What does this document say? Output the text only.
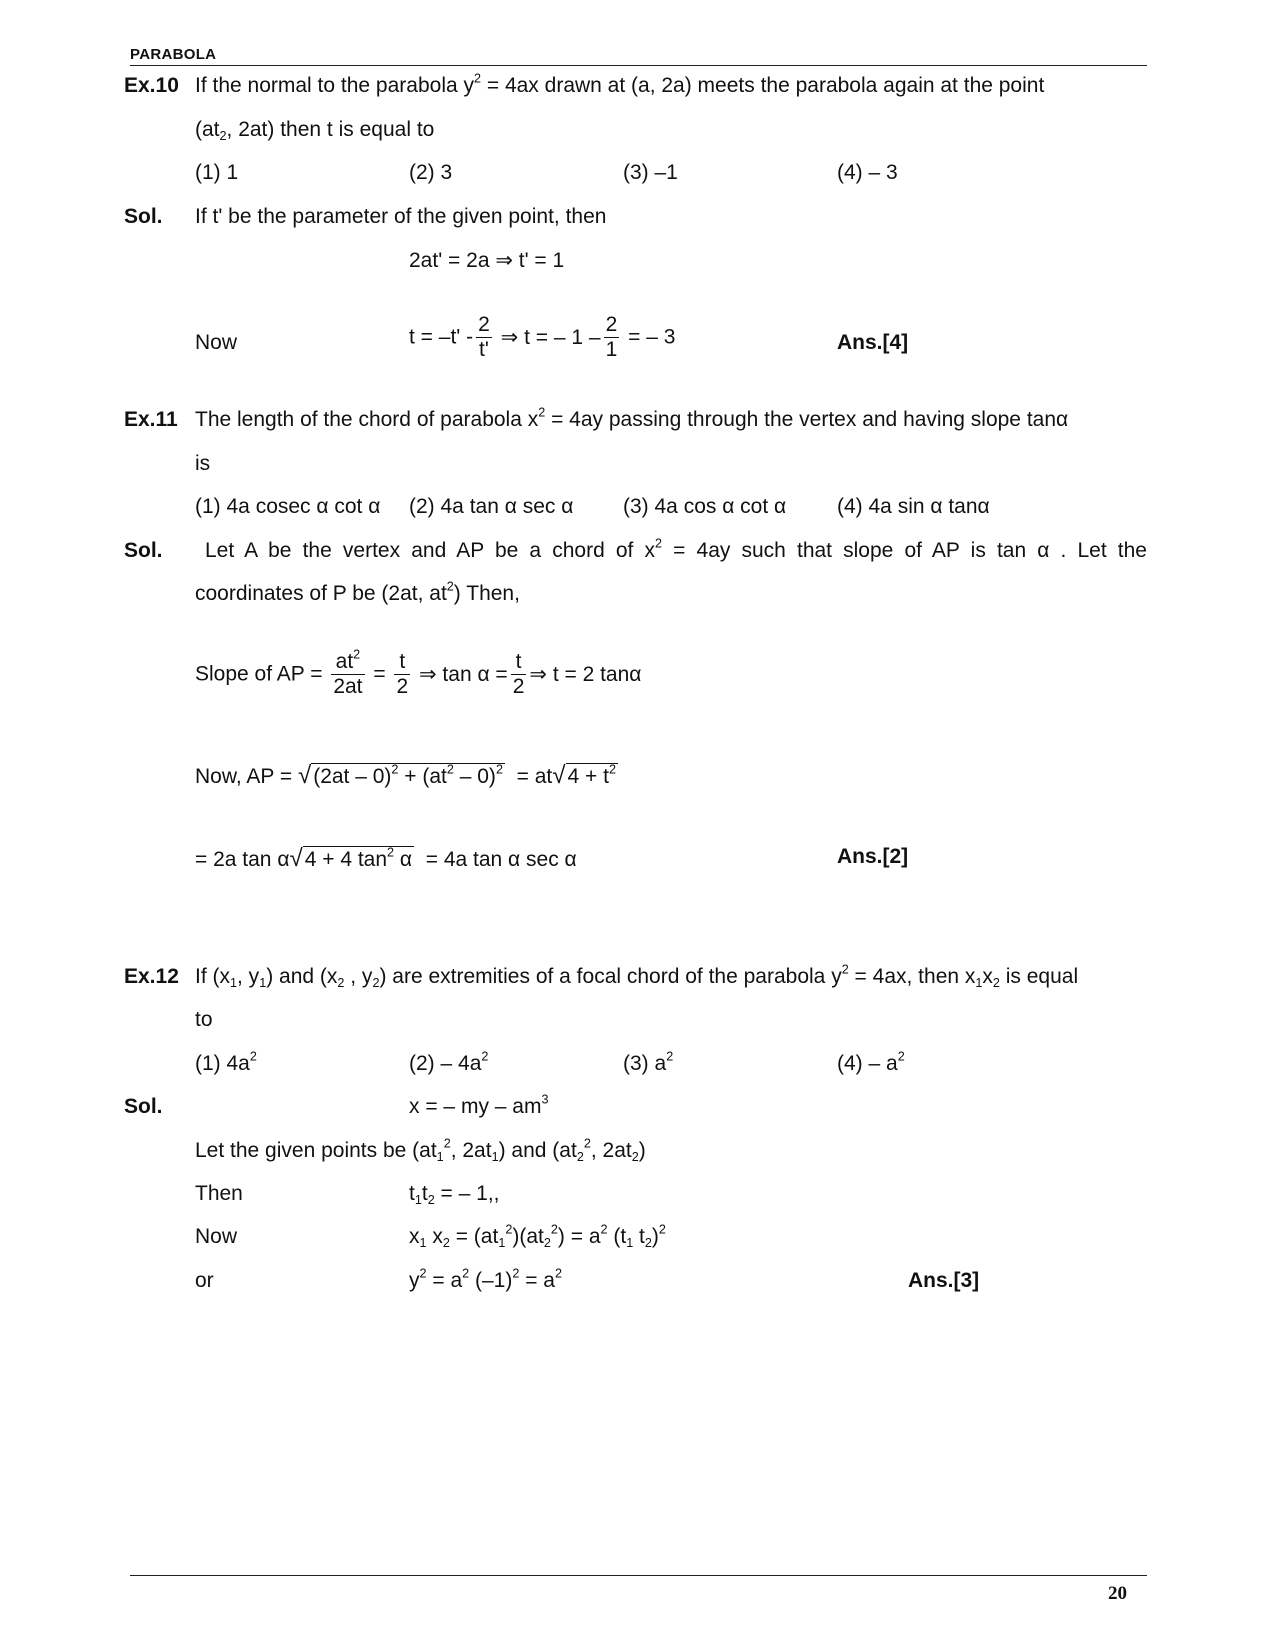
PARABOLA
Ex.10 If the normal to the parabola $y^2 = 4ax$ drawn at (a, 2a) meets the parabola again at the point
($at_2$, 2at) then t is equal to
(1) 1	(2) 3	(3) –1	(4) – 3
Sol. If t' be the parameter of the given point, then
2at' = 2a ⇒ t' = 1
Now	$t = -t' - \frac{2}{t'}$ ⇒ t = – $1 - \frac{2}{1}$ = – 3	Ans.[4]
Ex.11 The length of the chord of parabola $x^2 = 4ay$ passing through the vertex and having slope tanα
is
(1) 4a cosec α cot α (2) 4a tan α sec α (3) 4a cos α cot α (4) 4a sin α tanα
Sol. Let A be the vertex and AP be a chord of $x^2 = 4ay$ such that slope of AP is tan α . Let the
coordinates of P be (2at, $at^2$) Then,
Slope of AP = $\frac{at^2}{2at} = \frac{t}{2}$ ⇒ $\tan \alpha = \frac{t}{2}$ ⇒ t = 2 tanα
Now, AP = $√(2at - 0)^2 + (at^2 - 0)^2 = at√4 + t^2$
= 2a tan α√4 + 4 $\tan^2 \alpha = 4a$ tan α sec α	Ans.[2]
Ex.12 If ($x_1$, $y_1$) and ($x_2$ , $y_2$) are extremities of a focal chord of the parabola $y^2 = 4ax$, then $x_1x_2$ is equal
to
(1) $4a^2$	$(2) - 4a^2$	(3) $a^2$	$(4) - a^2$
Sol.	x = – my – $am^3$
Let the given points be ($at_1^2$, $2at_1$) and ($at_2^2$, $2at_2$)
Then	$t_1t_2$ = – 1,,
Now	$x_1$ $x_2 = (at_1^2)(at_2^2) = a^2$ ($t_1$ $t_2)^2$
or	$y^2 = a^2$ $(-1)^2 = a^2$	Ans.[3]
20
